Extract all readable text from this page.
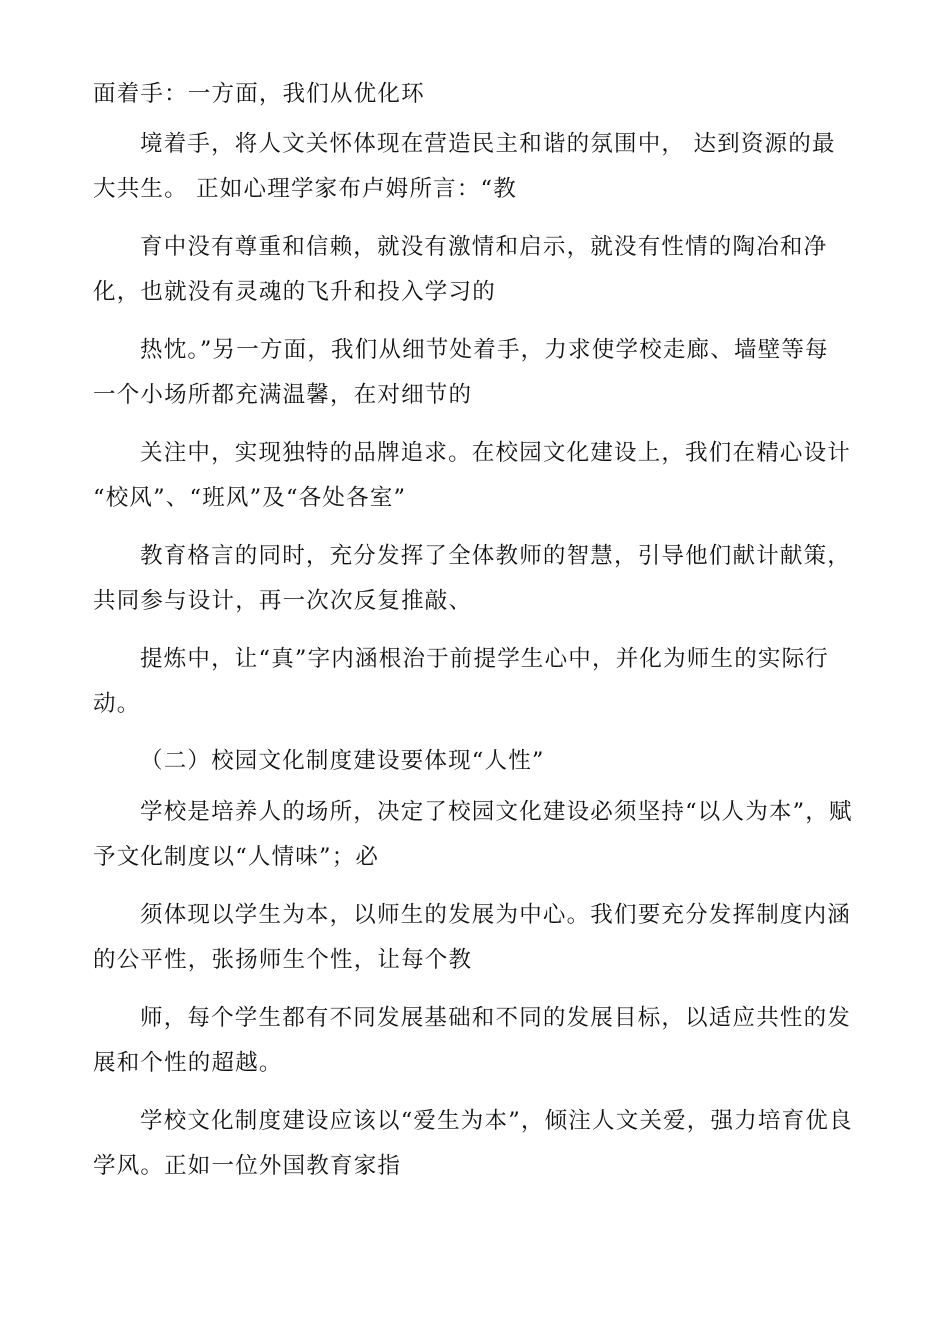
面着手：一方面，我们从优化环

境着手，将人文关怀体现在营造民主和谐的氛围中， 达到资源的最
大共生。 正如心理学家布卢姆所言：“教

育中没有尊重和信赖，就没有激情和启示，就没有性情的陶冶和净
化，也就没有灵魂的飞升和投入学习的

热忱。”另一方面，我们从细节处着手，力求使学校走廊、墙壁等每
一个小场所都充满温馨，在对细节的

关注中，实现独特的品牌追求。在校园文化建设上，我们在精心设计
“校风”、“班风”及“各处各室”

教育格言的同时，充分发挥了全体教师的智慧，引导他们献计献策，
共同参与设计，再一次次反复推敲、

提炼中，让“真”字内涵根治于前提学生心中，并化为师生的实际行
动。

（二）校园文化制度建设要体现“人性”

学校是培养人的场所，决定了校园文化建设必须坚持“以人为本”，赋
予文化制度以“人情味”；必

须体现以学生为本，以师生的发展为中心。我们要充分发挥制度内涵
的公平性，张扬师生个性，让每个教

师，每个学生都有不同发展基础和不同的发展目标，以适应共性的发
展和个性的超越。

学校文化制度建设应该以“爱生为本”，倾注人文关爱，强力培育优良
学风。正如一位外国教育家指
